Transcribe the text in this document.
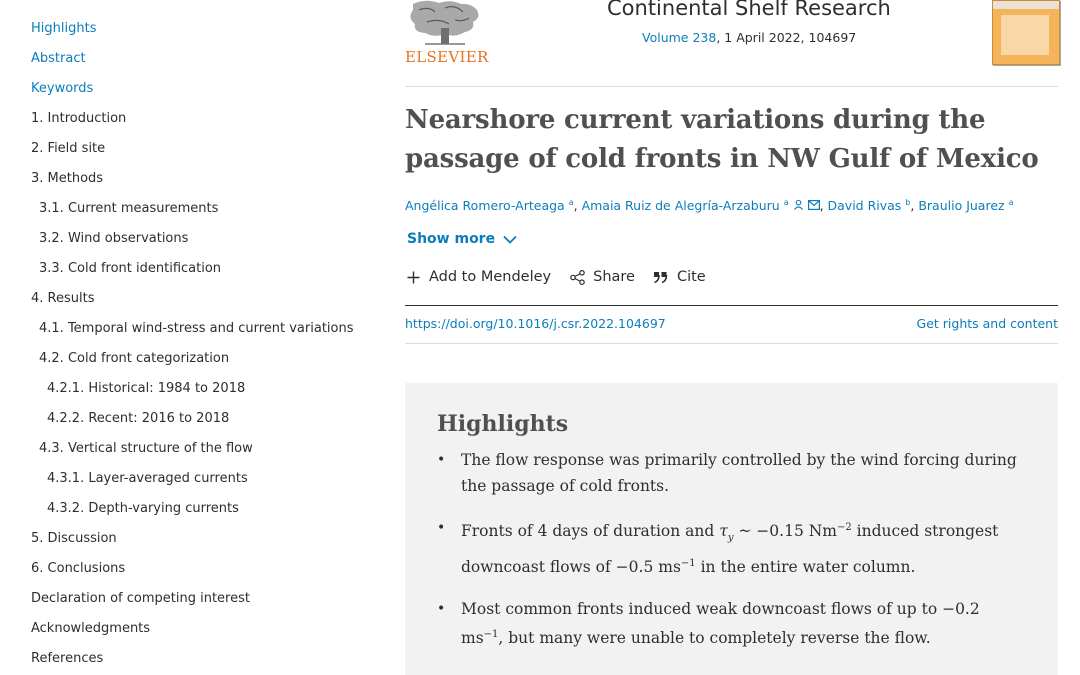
Highlights
Abstract
Keywords
1. Introduction
2. Field site
3. Methods
3.1. Current measurements
3.2. Wind observations
3.3. Cold front identification
4. Results
4.1. Temporal wind-stress and current variations
4.2. Cold front categorization
4.2.1. Historical: 1984 to 2018
4.2.2. Recent: 2016 to 2018
4.3. Vertical structure of the flow
4.3.1. Layer-averaged currents
4.3.2. Depth-varying currents
5. Discussion
6. Conclusions
Declaration of competing interest
Acknowledgments
References
ELSEVIER
Continental Shelf Research
Volume 238, 1 April 2022, 104697
Nearshore current variations during the passage of cold fronts in NW Gulf of Mexico
Angélica Romero-Arteaga $^a$, Amaia Ruiz de Alegría-Arzaburu $^a$ , David Rivas $^b$, Braulio Juarez $^a$
Show more
Add to Mendeley	Share	Cite
https://doi.org/10.1016/j.csr.2022.104697	Get rights and content
Highlights
• The flow response was primarily controlled by the wind forcing during the passage of cold fronts.
• Fronts of 4 days of duration and $\tau_y$ ~ −0.15 $Nm^{-2}$ induced strongest downcoast flows of −0.5 $ms^{-1}$ in the entire water column.
• Most common fronts induced weak downcoast flows of up to −0.2 $ms^{-1}$, but many were unable to completely reverse the flow.
